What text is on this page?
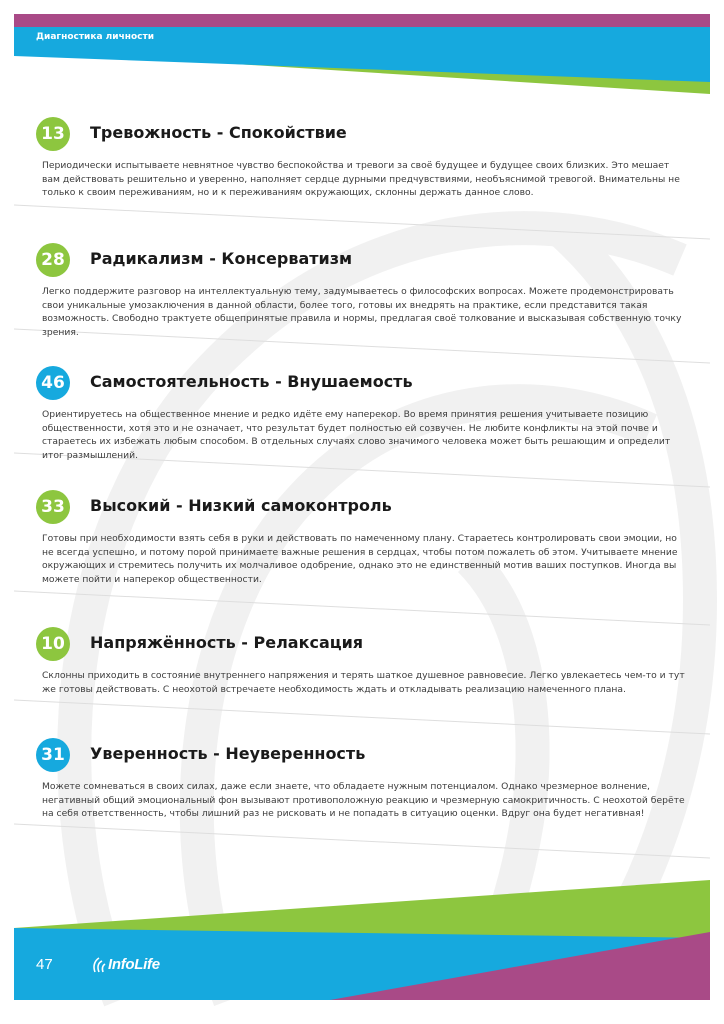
Диагностика личности
13	Тревожность - Спокойствие
Периодически испытываете невнятное чувство беспокойства и тревоги за своё будущее и будущее своих близких. Это мешает вам действовать решительно и уверенно, наполняет сердце дурными предчувствиями, необъяснимой тревогой. Внимательны не только к своим переживаниям, но и к переживаниям окружающих, склонны держать данное слово.
28	Радикализм - Консерватизм
Легко поддержите разговор на интеллектуальную тему, задумываетесь о философских вопросах. Можете продемонстрировать свои уникальные умозаключения в данной области, более того, готовы их внедрять на практике, если представится такая возможность. Свободно трактуете общепринятые правила и нормы, предлагая своё толкование и высказывая собственную точку зрения.
46	Самостоятельность - Внушаемость
Ориентируетесь на общественное мнение и редко идёте ему наперекор. Во время принятия решения учитываете позицию общественности, хотя это и не означает, что результат будет полностью ей созвучен. Не любите конфликты на этой почве и стараетесь их избежать любым способом. В отдельных случаях слово значимого человека может быть решающим и определит итог размышлений.
33	Высокий - Низкий самоконтроль
Готовы при необходимости взять себя в руки и действовать по намеченному плану. Стараетесь контролировать свои эмоции, но не всегда успешно, и потому порой принимаете важные решения в сердцах, чтобы потом пожалеть об этом. Учитываете мнение окружающих и стремитесь получить их молчаливое одобрение, однако это не единственный мотив ваших поступков. Иногда вы можете пойти и наперекор общественности.
10	Напряжённость - Релаксация
Склонны приходить в состояние внутреннего напряжения и терять шаткое душевное равновесие. Легко увлекаетесь чем-то и тут же готовы действовать. С неохотой встречаете необходимость ждать и откладывать реализацию намеченного плана.
31	Уверенность - Неуверенность
Можете сомневаться в своих силах, даже если знаете, что обладаете нужным потенциалом. Однако чрезмерное волнение, негативный общий эмоциональный фон вызывают противоположную реакцию и чрезмерную самокритичность. С неохотой берёте на себя ответственность, чтобы лишний раз не рисковать и не попадать в ситуацию оценки. Вдруг она будет негативная!
47	InfoLife
